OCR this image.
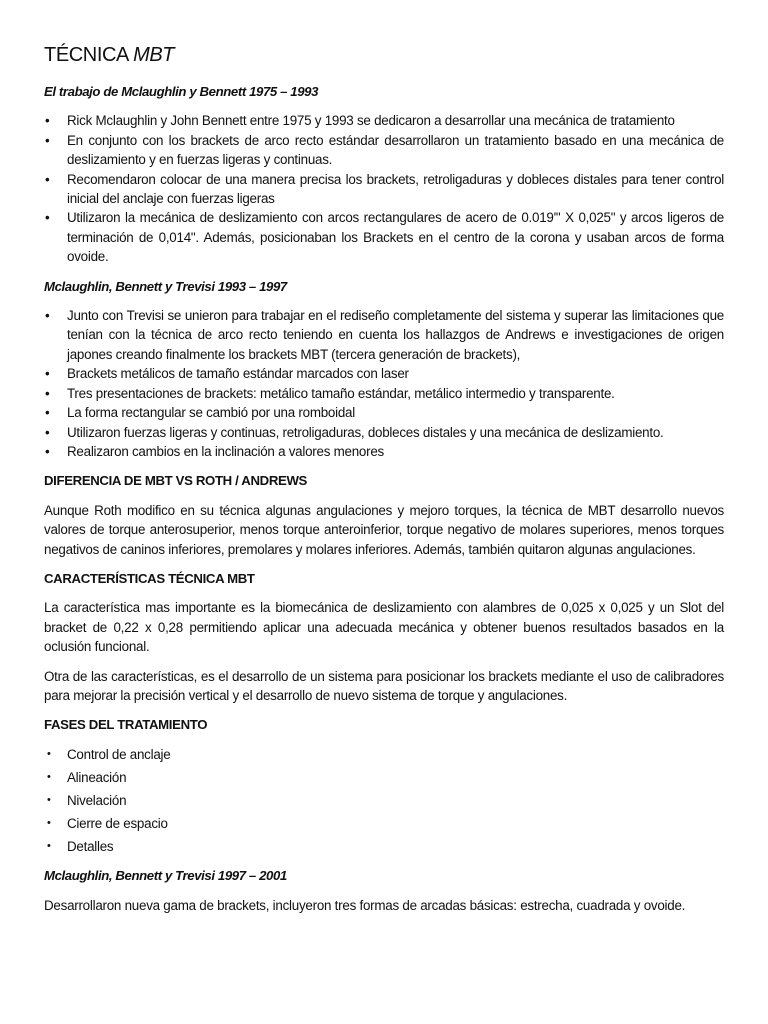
TÉCNICA MBT
El trabajo de Mclaughlin y Bennett 1975 – 1993
• Rick Mclaughlin y John Bennett entre 1975 y 1993 se dedicaron a desarrollar una mecánica de tratamiento
• En conjunto con los brackets de arco recto estándar desarrollaron un tratamiento basado en una mecánica de deslizamiento y en fuerzas ligeras y continuas.
• Recomendaron colocar de una manera precisa los brackets, retroligaduras y dobleces distales para tener control inicial del anclaje con fuerzas ligeras
• Utilizaron la mecánica de deslizamiento con arcos rectangulares de acero de 0.019'" X 0,025" y arcos ligeros de terminación de 0,014". Además, posicionaban los Brackets en el centro de la corona y usaban arcos de forma ovoide.
Mclaughlin, Bennett y Trevisi 1993 – 1997
• Junto con Trevisi se unieron para trabajar en el rediseño completamente del sistema y superar las limitaciones que tenían con la técnica de arco recto teniendo en cuenta los hallazgos de Andrews e investigaciones de origen japones creando finalmente los brackets MBT (tercera generación de brackets),
• Brackets metálicos de tamaño estándar marcados con laser
• Tres presentaciones de brackets: metálico tamaño estándar, metálico intermedio y transparente.
• La forma rectangular se cambió por una romboidal
• Utilizaron fuerzas ligeras y continuas, retroligaduras, dobleces distales y una mecánica de deslizamiento.
• Realizaron cambios en la inclinación a valores menores
DIFERENCIA DE MBT VS ROTH / ANDREWS

Aunque Roth modifico en su técnica algunas angulaciones y mejoro torques, la técnica de MBT desarrollo nuevos valores de torque anterosuperior, menos torque anteroinferior, torque negativo de molares superiores, menos torques negativos de caninos inferiores, premolares y molares inferiores. Además, también quitaron algunas angulaciones.

CARACTERÍSTICAS TÉCNICA MBT

La característica mas importante es la biomecánica de deslizamiento con alambres de 0,025 x 0,025 y un Slot del bracket de 0,22 x 0,28 permitiendo aplicar una adecuada mecánica y obtener buenos resultados basados en la oclusión funcional.

Otra de las características, es el desarrollo de un sistema para posicionar los brackets mediante el uso de calibradores para mejorar la precisión vertical y el desarrollo de nuevo sistema de torque y angulaciones.

FASES DEL TRATAMIENTO
• Control de anclaje
• Alineación
• Nivelación
• Cierre de espacio
• Detalles
Mclaughlin, Bennett y Trevisi 1997 – 2001

Desarrollaron nueva gama de brackets, incluyeron tres formas de arcadas básicas: estrecha, cuadrada y ovoide.
